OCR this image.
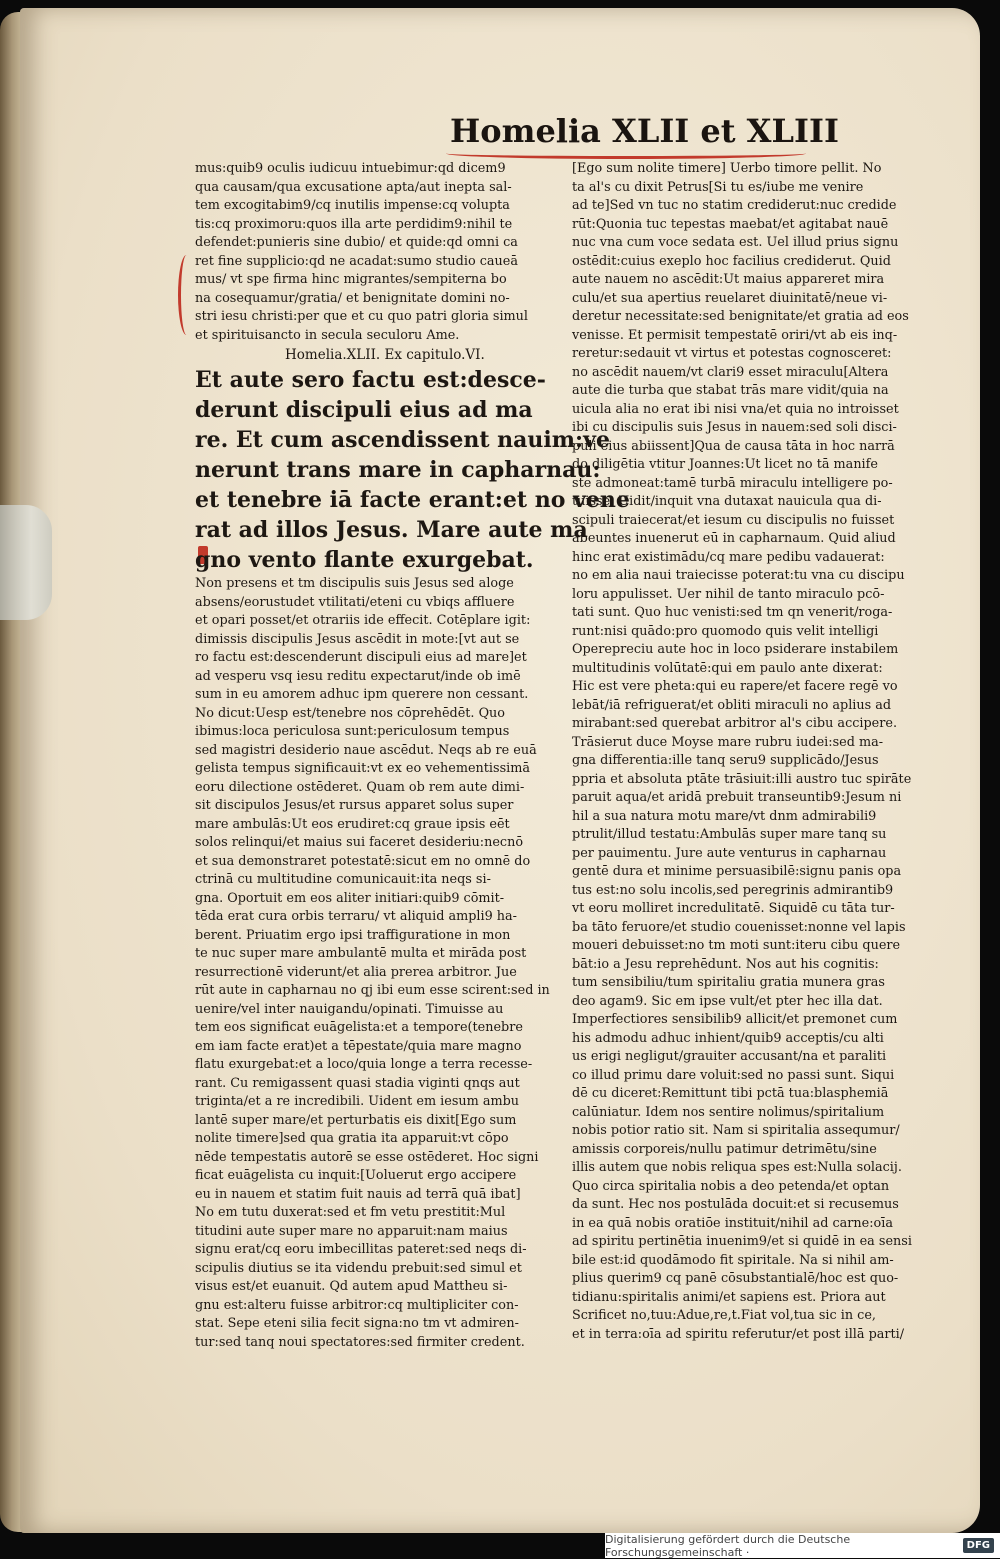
Homelia XLII et XLIII
mus:quib9 oculis iudicuu intuebimur:qd dicem9
qua causam/qua excusatione apta/aut inepta sal-
tem excogitabim9/cq inutilis impense:cq volupta
tis:cq proximoru:quos illa arte perdidim9:nihil te
defendet:punieris sine dubio/ et quide:qd omni ca
ret fine supplicio:qd ne acadat:sumo studio caueā
mus/ vt spe firma hinc migrantes/sempiterna bo
na cosequamur/gratia/ et benignitate domini no-
stri iesu christi:per que et cu quo patri gloria simul
et spirituisancto in secula seculoru Ame.
Homelia.XLII. Ex capitulo.VI.
Et aute sero factu est:desce-
derunt discipuli eius ad ma
re. Et cum ascendissent nauim:ve
nerunt trans mare in capharnau:
et tenebre iā facte erant:et no vene
rat ad illos Jesus. Mare aute ma
gno vento flante exurgebat.
Non presens et tm discipulis suis Jesus sed aloge
absens/eorustudet vtilitati/eteni cu vbiqs affluere
et opari posset/et otrariis ide effecit. Cotēplare igit:
dimissis discipulis Jesus ascēdit in mote:[vt aut se
ro factu est:descenderunt discipuli eius ad mare]et
ad vesperu vsq iesu reditu expectarut/inde ob imē
sum in eu amorem adhuc ipm querere non cessant.
No dicut:Uesp est/tenebre nos cōprehēdēt. Quo
ibimus:loca periculosa sunt:periculosum tempus
sed magistri desiderio naue ascēdut. Neqs ab re euā
gelista tempus significauit:vt ex eo vehementissimā
eoru dilectione ostēderet. Quam ob rem aute dimi-
sit discipulos Jesus/et rursus apparet solus super
mare ambulās:Ut eos erudiret:cq graue ipsis eēt
solos relinqui/et maius sui faceret desideriu:necnō
et sua demonstraret potestatē:sicut em no omnē do
ctrinā cu multitudine comunicauit:ita neqs si-
gna. Oportuit em eos aliter initiari:quib9 cōmit-
tēda erat cura orbis terraru/ vt aliquid ampli9 ha-
berent. Priuatim ergo ipsi traffiguratione in mon
te nuc super mare ambulantē multa et mirāda post
resurrectionē viderunt/et alia prerea arbitror. Jue
rūt aute in capharnau no qj ibi eum esse scirent:sed in
uenire/vel inter nauigandu/opinati. Timuisse au
tem eos significat euāgelista:et a tempore(tenebre
em iam facte erat)et a tēpestate/quia mare magno
flatu exurgebat:et a loco/quia longe a terra recesse-
rant. Cu remigassent quasi stadia viginti qnqs aut
triginta/et a re incredibili. Uident em iesum ambu
lantē super mare/et perturbatis eis dixit[Ego sum
nolite timere]sed qua gratia ita apparuit:vt cōpo
nēde tempestatis autorē se esse ostēderet. Hoc signi
ficat euāgelista cu inquit:[Uoluerut ergo accipere
eu in nauem et statim fuit nauis ad terrā quā ibat]
No em tutu duxerat:sed et fm vetu prestitit:Mul
titudini aute super mare no apparuit:nam maius
signu erat/cq eoru imbecillitas pateret:sed neqs di-
scipulis diutius se ita videndu prebuit:sed simul et
visus est/et euanuit. Qd autem apud Mattheu si-
gnu est:alteru fuisse arbitror:cq multipliciter con-
stat. Sepe eteni silia fecit signa:no tm vt admiren-
tur:sed tanq noui spectatores:sed firmiter credent.
[Ego sum nolite timere] Uerbo timore pellit. No
ta al's cu dixit Petrus[Si tu es/iube me venire
ad te]Sed vn tuc no statim crediderut:nuc credide
rūt:Quonia tuc tepestas maebat/et agitabat nauē
nuc vna cum voce sedata est. Uel illud prius signu
ostēdit:cuius exeplo hoc facilius crediderut. Quid
aute nauem no ascēdit:Ut maius appareret mira
culu/et sua apertius reuelaret diuinitatē/neue vi-
deretur necessitate:sed benignitate/et gratia ad eos
venisse. Et permisit tempestatē oriri/vt ab eis inq-
reretur:sedauit vt virtus et potestas cognosceret:
no ascēdit nauem/vt clari9 esset miraculu[Altera
aute die turba que stabat trās mare vidit/quia na
uicula alia no erat ibi nisi vna/et quia no introisset
ibi cu discipulis suis Jesus in nauem:sed soli disci-
puli eius abiissent]Qua de causa tāta in hoc narrā
do diligētia vtitur Joannes:Ut licet no tā manife
ste admoneat:tamē turbā miraculu intelligere po-
tuisse. Uidit/inquit vna dutaxat nauicula qua di-
scipuli traiecerat/et iesum cu discipulis no fuisset
abeuntes inuenerut eū in capharnaum. Quid aliud
hinc erat existimādu/cq mare pedibu vadauerat:
no em alia naui traiecisse poterat:tu vna cu discipu
loru appulisset. Uer nihil de tanto miraculo pcō-
tati sunt. Quo huc venisti:sed tm qn venerit/roga-
runt:nisi quādo:pro quomodo quis velit intelligi
Operepreciu aute hoc in loco psiderare instabilem
multitudinis volūtatē:qui em paulo ante dixerat:
Hic est vere pheta:qui eu rapere/et facere regē vo
lebāt/iā refriguerat/et obliti miraculi no aplius ad
mirabant:sed querebat arbitror al's cibu accipere.
Trāsierut duce Moyse mare rubru iudei:sed ma-
gna differentia:ille tanq seru9 supplicādo/Jesus
ppria et absoluta ptāte trāsiuit:illi austro tuc spirāte
paruit aqua/et aridā prebuit transeuntib9:Jesum ni
hil a sua natura motu mare/vt dnm admirabili9
ptrulit/illud testatu:Ambulās super mare tanq su
per pauimentu. Jure aute venturus in capharnau
gentē dura et minime persuasibilē:signu panis opa
tus est:no solu incolis,sed peregrinis admirantib9
vt eoru molliret incredulitatē. Siquidē cu tāta tur-
ba tāto feruore/et studio couenisset:nonne vel lapis
moueri debuisset:no tm moti sunt:iteru cibu quere
bāt:io a Jesu reprehēdunt. Nos aut his cognitis:
tum sensibiliu/tum spiritaliu gratia munera gras
deo agam9. Sic em ipse vult/et pter hec illa dat.
Imperfectiores sensibilib9 allicit/et premonet cum
his admodu adhuc inhient/quib9 acceptis/cu alti
us erigi negligut/grauiter accusant/na et paraliti
co illud primu dare voluit:sed no passi sunt. Siqui
dē cu diceret:Remittunt tibi pctā tua:blasphemiā
calūniatur. Idem nos sentire nolimus/spiritalium
nobis potior ratio sit. Nam si spiritalia assequmur/
amissis corporeis/nullu patimur detrimētu/sine
illis autem que nobis reliqua spes est:Nulla solacij.
Quo circa spiritalia nobis a deo petenda/et optan
da sunt. Hec nos postulāda docuit:et si recusemus
in ea quā nobis oratiōe instituit/nihil ad carne:oīa
ad spiritu pertinētia inuenim9/et si quidē in ea sensi
bile est:id quodāmodo fit spiritale. Na si nihil am-
plius querim9 cq panē cōsubstantialē/hoc est quo-
tidianu:spiritalis animi/et sapiens est. Priora aut
Scrificet no,tuu:Adue,re,t.Fiat vol,tua sic in ce,
et in terra:oīa ad spiritu referutur/et post illā parti/
Digitalisierung gefördert durch die Deutsche Forschungsgemeinschaft ·	DFG
